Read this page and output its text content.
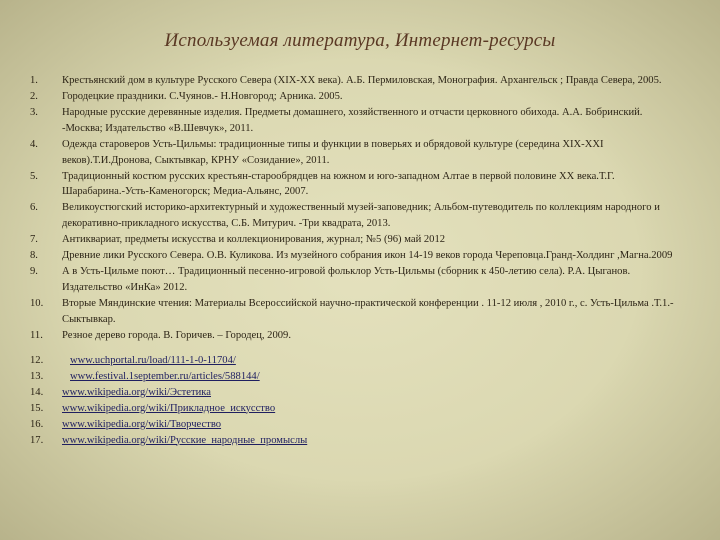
Используемая литература, Интернет-ресурсы
1.	Крестьянский дом в культуре Русского Севера (XIX-XX века). А.Б. Пермиловская, Монография. Архангельск ; Правда Севера, 2005.
2.	Городецкие праздники. С.Чуянов.- Н.Новгород; Арника. 2005.
3.	Народные русские деревянные изделия. Предметы домашнего, хозяйственного и отчасти церковного обихода. А.А. Бобринский. -Москва; Издательство «В.Шевчук», 2011.
4.	Одежда староверов Усть-Цильмы: традиционные типы и функции в поверьях и обрядовой культуре (середина XIX-XXI веков).Т.И.Дронова, Сыктывкар, КРНУ «Созидание», 2011.
5.	Традиционный костюм русских крестьян-старообрядцев на южном и юго-западном Алтае в первой половине XX века.Т.Г. Шарабарина.-Усть-Каменогорск; Медиа-Альянс, 2007.
6.	Великоустюгский историко-архитектурный и художественный музей-заповедник; Альбом-путеводитель по коллекциям народного и декоративно-прикладного искусства, С.Б. Митурич. -Три квадрата, 2013.
7.	Антиквариат, предметы искусства и коллекционирования, журнал; №5 (96) май 2012
8.	Древние лики Русского Севера. О.В. Куликова. Из музейного собрания икон 14-19 веков города Череповца.Гранд-Холдинг ,Магна.2009
9.	А в Усть-Цильме поют… Традиционный песенно-игровой фольклор Усть-Цильмы (сборник к 450-летию села). Р.А. Цыганов. Издательство «ИнКа» 2012.
10.	Вторые Мяндинские чтения: Материалы Всероссийской научно-практической конференции . 11-12 июля , 2010 г., с. Усть-Цильма .Т.1.-Сыктывкар.
11.	Резное дерево города. В. Горичев. – Городец, 2009.
12.	www.uchportal.ru/load/111-1-0-11704/
13.	www.festival.1september.ru/articles/588144/
14.	www.wikipedia.org/wiki/Эстетика
15.	www.wikipedia.org/wiki/Прикладное_искусство
16.	www.wikipedia.org/wiki/Творчество
17.	www.wikipedia.org/wiki/Русские_народные_промыслы
